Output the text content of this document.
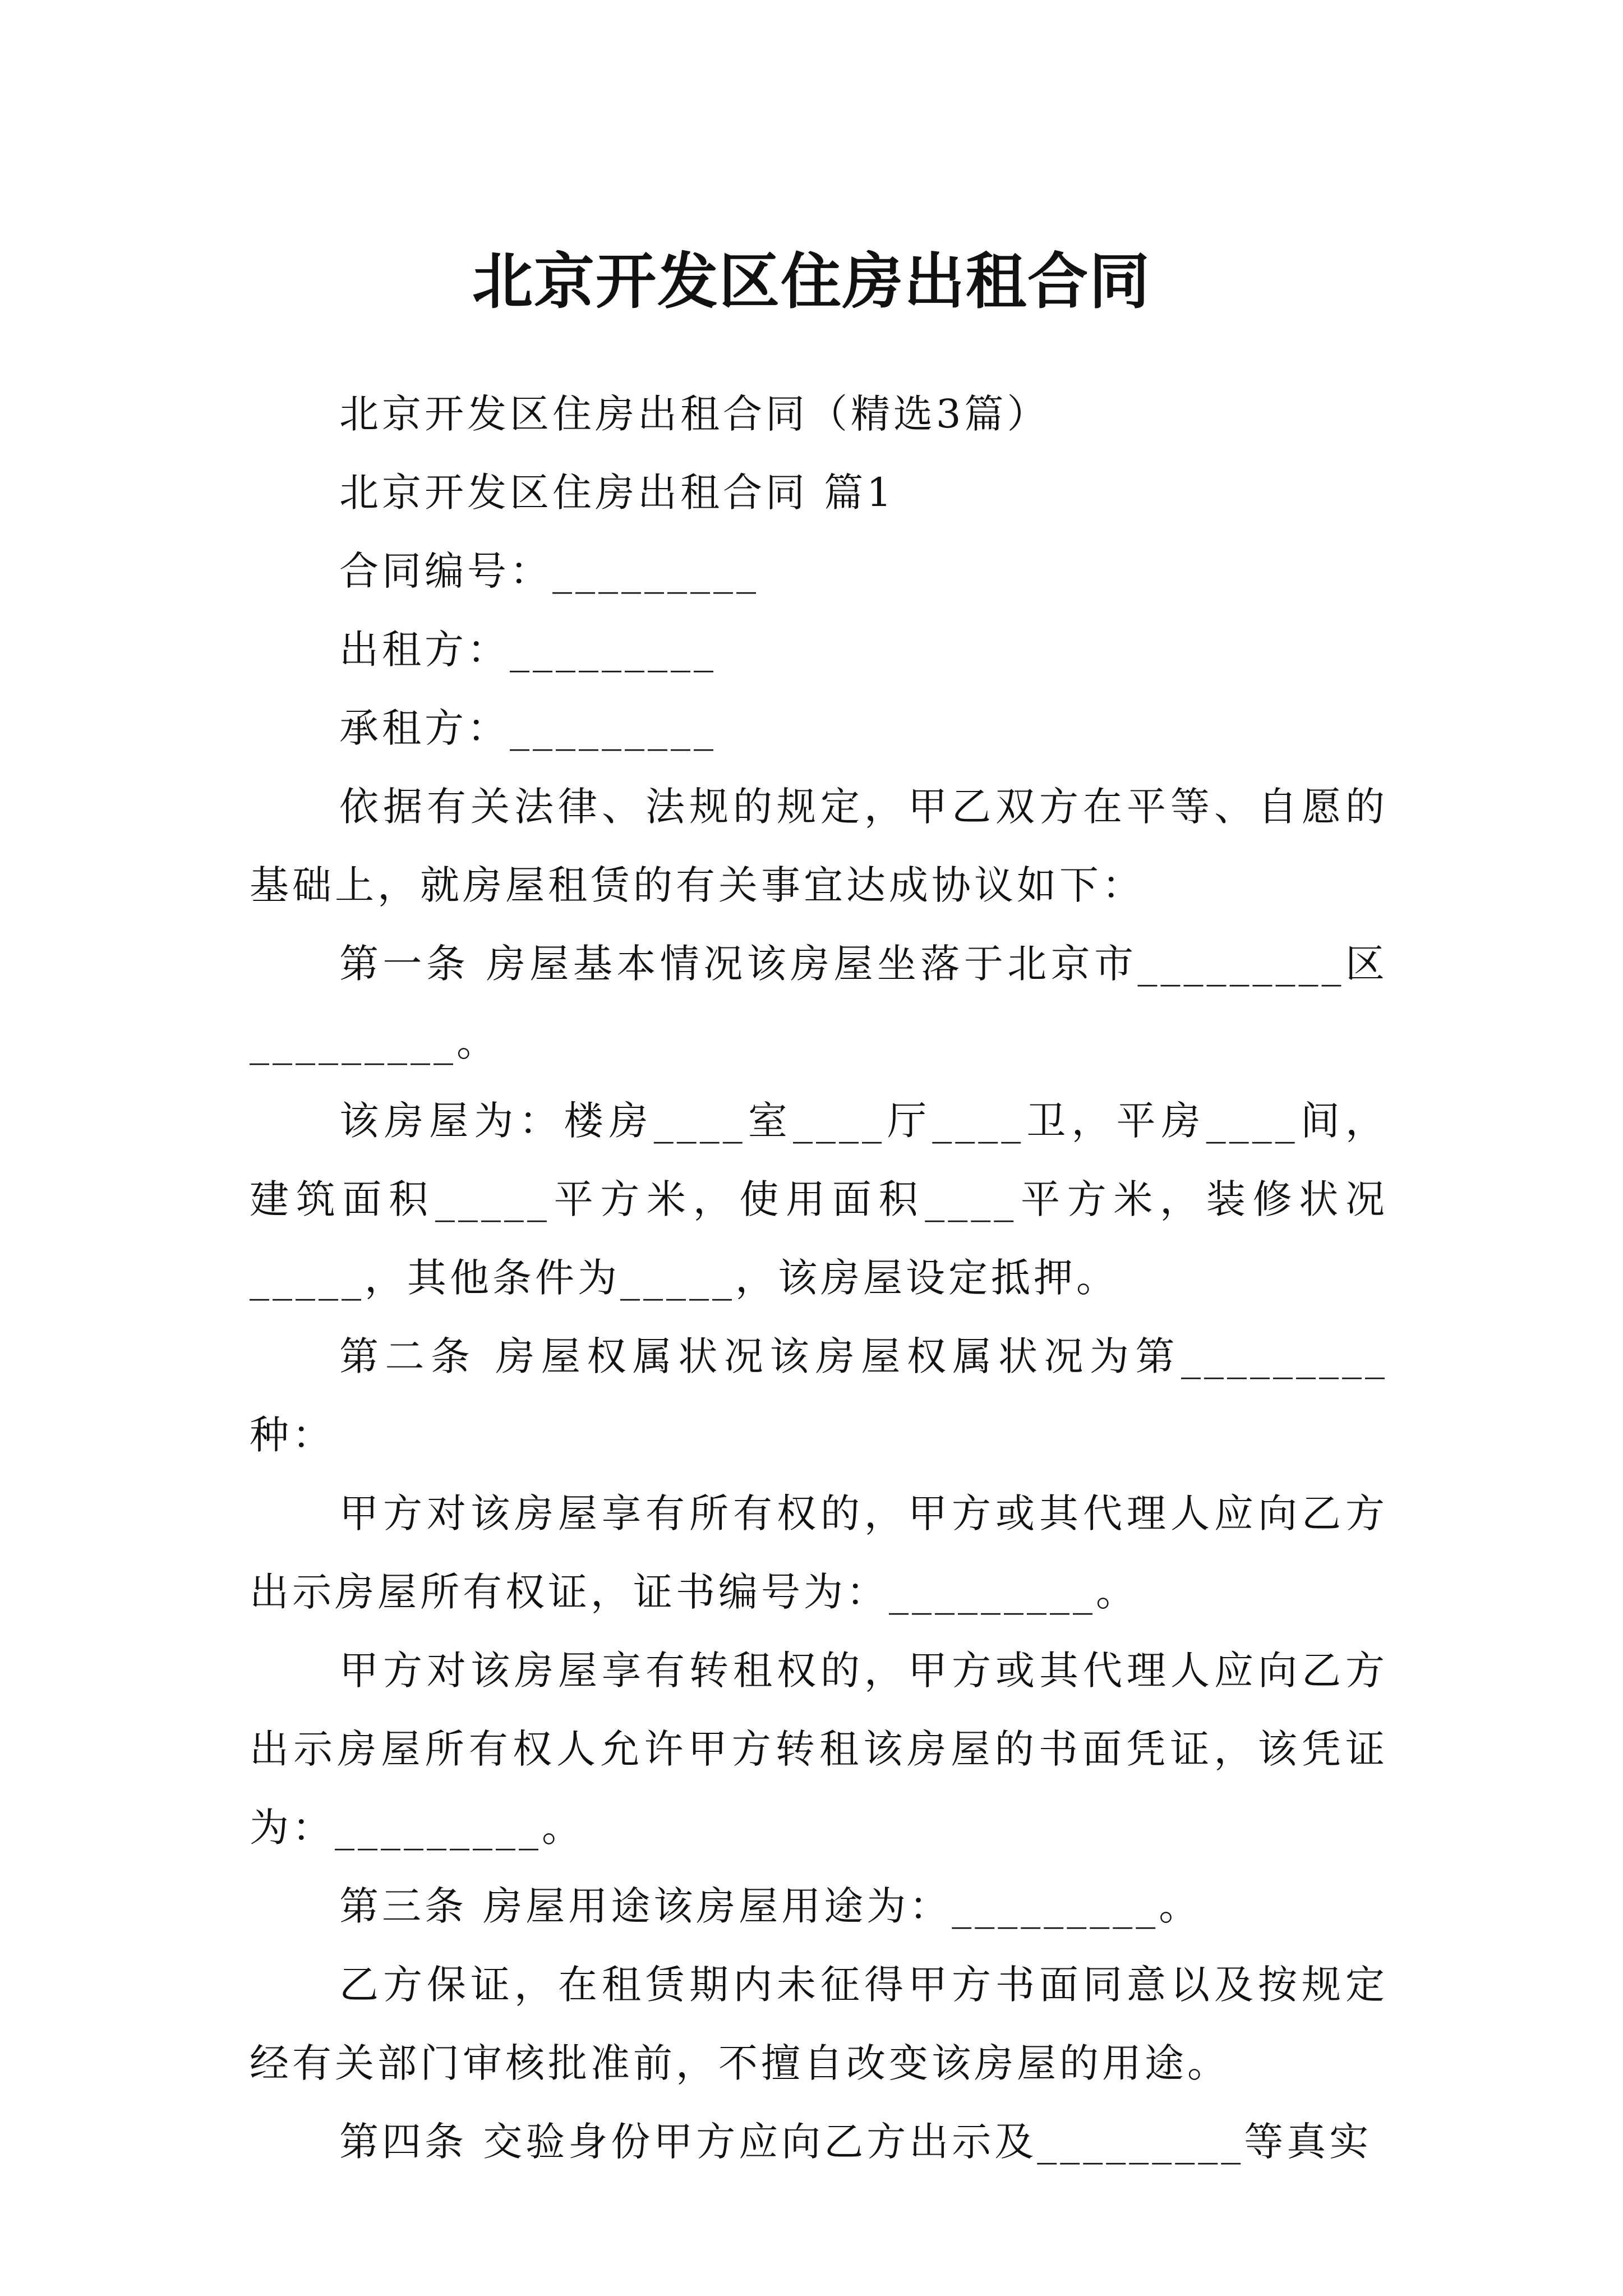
北京开发区住房出租合同

北京开发区住房出租合同（精选3篇）

北京开发区住房出租合同 篇1

合同编号：_________

出租方：_________

承租方：_________

依据有关法律、法规的规定，甲乙双方在平等、自愿的基础上，就房屋租赁的有关事宜达成协议如下：

第一条 房屋基本情况该房屋坐落于北京市_________区_________。

该房屋为：楼房____室____厅____卫，平房____间，建筑面积_____平方米，使用面积____平方米，装修状况_____，其他条件为_____，该房屋设定抵押。

第二条 房屋权属状况该房屋权属状况为第_________种：

甲方对该房屋享有所有权的，甲方或其代理人应向乙方出示房屋所有权证，证书编号为：_________。

甲方对该房屋享有转租权的，甲方或其代理人应向乙方出示房屋所有权人允许甲方转租该房屋的书面凭证，该凭证为：_________。

第三条 房屋用途该房屋用途为：_________。

乙方保证，在租赁期内未征得甲方书面同意以及按规定经有关部门审核批准前，不擅自改变该房屋的用途。

第四条 交验身份甲方应向乙方出示及_________等真实
